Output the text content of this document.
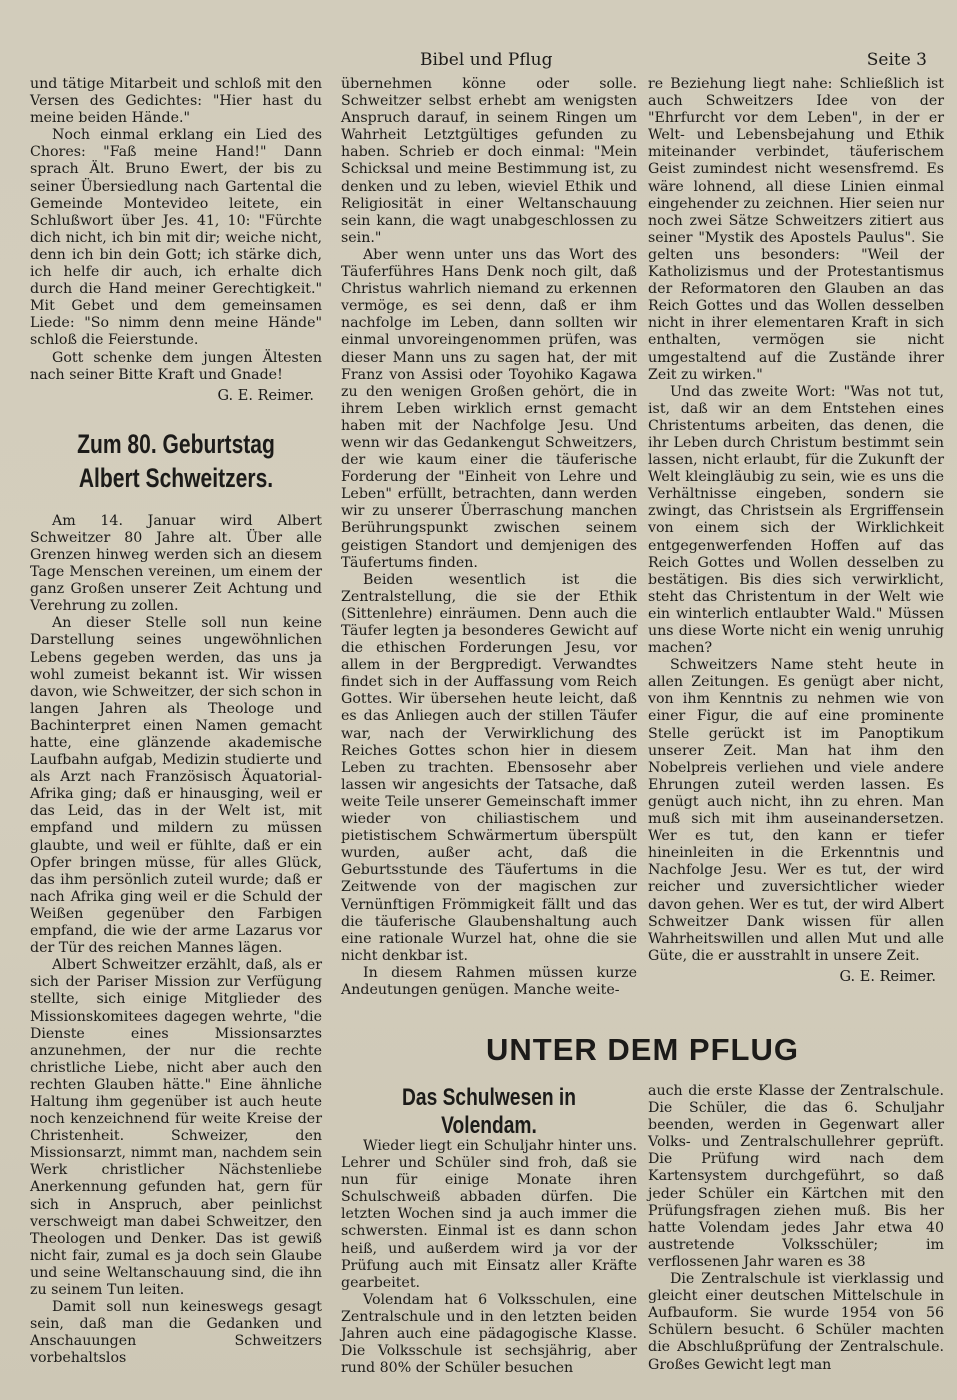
Bibel und Pflug	Seite 3

und tätige Mitarbeit und schloß mit den Versen des Gedichtes: "Hier hast du meine beiden Hände."

Noch einmal erklang ein Lied des Chores: "Faß meine Hand!" Dann sprach Ält. Bruno Ewert, der bis zu seiner Übersiedlung nach Gartental die Gemeinde Montevideo leitete, ein Schlußwort über Jes. 41, 10: "Fürchte dich nicht, ich bin mit dir; weiche nicht, denn ich bin dein Gott; ich stärke dich, ich helfe dir auch, ich erhalte dich durch die Hand meiner Gerechtigkeit." Mit Gebet und dem gemeinsamen Liede: "So nimm denn meine Hände" schloß die Feierstunde.

Gott schenke dem jungen Ältesten nach seiner Bitte Kraft und Gnade!

G. E. Reimer.
Zum 80. Geburtstag Albert Schweitzers.

Am 14. Januar wird Albert Schweitzer 80 Jahre alt. Über alle Grenzen hinweg werden sich an diesem Tage Menschen vereinen, um einem der ganz Großen unserer Zeit Achtung und Verehrung zu zollen.

An dieser Stelle soll nun keine Darstellung seines ungewöhnlichen Lebens gegeben werden, das uns ja wohl zumeist bekannt ist. Wir wissen davon, wie Schweitzer, der sich schon in langen Jahren als Theologe und Bachinterpret einen Namen gemacht hatte, eine glänzende akademische Laufbahn aufgab, Medizin studierte und als Arzt nach Französisch Äquatorial-Afrika ging; daß er hinausging, weil er das Leid, das in der Welt ist, mit empfand und mildern zu müssen glaubte, und weil er fühlte, daß er ein Opfer bringen müsse, für alles Glück, das ihm persönlich zuteil wurde; daß er nach Afrika ging weil er die Schuld der Weißen gegenüber den Farbigen empfand, die wie der arme Lazarus vor der Tür des reichen Mannes lägen.

Albert Schweitzer erzählt, daß, als er sich der Pariser Mission zur Verfügung stellte, sich einige Mitglieder des Missionskomitees dagegen wehrte, "die Dienste eines Missionsarztes anzunehmen, der nur die rechte christliche Liebe, nicht aber auch den rechten Glauben hätte." Eine ähnliche Haltung ihm gegenüber ist auch heute noch kenzeichnend für weite Kreise der Christenheit. Schweizer, den Missionsarzt, nimmt man, nachdem sein Werk christlicher Nächstenliebe Anerkennung gefunden hat, gern für sich in Anspruch, aber peinlichst verschweigt man dabei Schweitzer, den Theologen und Denker. Das ist gewiß nicht fair, zumal es ja doch sein Glaube und seine Weltanschauung sind, die ihn zu seinem Tun leiten.

Damit soll nun keineswegs gesagt sein, daß man die Gedanken und Anschauungen Schweitzers vorbehaltslos

übernehmen könne oder solle. Schweitzer selbst erhebt am wenigsten Anspruch darauf, in seinem Ringen um Wahrheit Letztgültiges gefunden zu haben. Schrieb er doch einmal: "Mein Schicksal und meine Bestimmung ist, zu denken und zu leben, wieviel Ethik und Religiosität in einer Weltanschauung sein kann, die wagt unabgeschlossen zu sein."

Aber wenn unter uns das Wort des Täuferführes Hans Denk noch gilt, daß Christus wahrlich niemand zu erkennen vermöge, es sei denn, daß er ihm nachfolge im Leben, dann sollten wir einmal unvoreingenommen prüfen, was dieser Mann uns zu sagen hat, der mit Franz von Assisi oder Toyohiko Kagawa zu den wenigen Großen gehört, die in ihrem Leben wirklich ernst gemacht haben mit der Nachfolge Jesu. Und wenn wir das Gedankengut Schweitzers, der wie kaum einer die täuferische Forderung der "Einheit von Lehre und Leben" erfüllt, betrachten, dann werden wir zu unserer Überraschung manchen Berührungspunkt zwischen seinem geistigen Standort und demjenigen des Täufertums finden.

Beiden wesentlich ist die Zentralstellung, die sie der Ethik (Sittenlehre) einräumen. Denn auch die Täufer legten ja besonderes Gewicht auf die ethischen Forderungen Jesu, vor allem in der Bergpredigt. Verwandtes findet sich in der Auffassung vom Reich Gottes. Wir übersehen heute leicht, daß es das Anliegen auch der stillen Täufer war, nach der Verwirklichung des Reiches Gottes schon hier in diesem Leben zu trachten. Ebensosehr aber lassen wir angesichts der Tatsache, daß weite Teile unserer Gemeinschaft immer wieder von chiliastischem und pietistischem Schwärmertum überspült wurden, außer acht, daß die Geburtsstunde des Täufertums in die Zeitwende von der magischen zur Vernünftigen Frömmigkeit fällt und das die täuferische Glaubenshaltung auch eine rationale Wurzel hat, ohne die sie nicht denkbar ist.

In diesem Rahmen müssen kurze Andeutungen genügen. Manche weite-

re Beziehung liegt nahe: Schließlich ist auch Schweitzers Idee von der "Ehrfurcht vor dem Leben", in der er Welt- und Lebensbejahung und Ethik miteinander verbindet, täuferischem Geist zumindest nicht wesensfremd. Es wäre lohnend, all diese Linien einmal eingehender zu zeichnen. Hier seien nur noch zwei Sätze Schweitzers zitiert aus seiner "Mystik des Apostels Paulus". Sie gelten uns besonders: "Weil der Katholizismus und der Protestantismus der Reformatoren den Glauben an das Reich Gottes und das Wollen desselben nicht in ihrer elementaren Kraft in sich enthalten, vermögen sie nicht umgestaltend auf die Zustände ihrer Zeit zu wirken."

Und das zweite Wort: "Was not tut, ist, daß wir an dem Entstehen eines Christentums arbeiten, das denen, die ihr Leben durch Christum bestimmt sein lassen, nicht erlaubt, für die Zukunft der Welt kleingläubig zu sein, wie es uns die Verhältnisse eingeben, sondern sie zwingt, das Christsein als Ergriffensein von einem sich der Wirklichkeit entgegenwerfenden Hoffen auf das Reich Gottes und Wollen desselben zu bestätigen. Bis dies sich verwirklicht, steht das Christentum in der Welt wie ein winterlich entlaubter Wald." Müssen uns diese Worte nicht ein wenig unruhig machen?

Schweitzers Name steht heute in allen Zeitungen. Es genügt aber nicht, von ihm Kenntnis zu nehmen wie von einer Figur, die auf eine prominente Stelle gerückt ist im Panoptikum unserer Zeit. Man hat ihm den Nobelpreis verliehen und viele andere Ehrungen zuteil werden lassen. Es genügt auch nicht, ihn zu ehren. Man muß sich mit ihm auseinandersetzen. Wer es tut, den kann er tiefer hineinleiten in die Erkenntnis und Nachfolge Jesu. Wer es tut, der wird reicher und zuversichtlicher wieder davon gehen. Wer es tut, der wird Albert Schweitzer Dank wissen für allen Wahrheitswillen und allen Mut und alle Güte, die er ausstrahlt in unsere Zeit.

G. E. Reimer.
UNTER DEM PFLUG
Das Schulwesen in Volendam.

Wieder liegt ein Schuljahr hinter uns. Lehrer und Schüler sind froh, daß sie nun für einige Monate ihren Schulschweiß abbaden dürfen. Die letzten Wochen sind ja auch immer die schwersten. Einmal ist es dann schon heiß, und außerdem wird ja vor der Prüfung auch mit Einsatz aller Kräfte gearbeitet.

Volendam hat 6 Volksschulen, eine Zentralschule und in den letzten beiden Jahren auch eine pädagogische Klasse. Die Volksschule ist sechsjährig, aber rund 80% der Schüler besuchen

auch die erste Klasse der Zentralschule. Die Schüler, die das 6. Schuljahr beenden, werden in Gegenwart aller Volks- und Zentralschullehrer geprüft. Die Prüfung wird nach dem Kartensystem durchgeführt, so daß jeder Schüler ein Kärtchen mit den Prüfungsfragen ziehen muß. Bis her hatte Volendam jedes Jahr etwa 40 austretende Volksschüler; im verflossenen Jahr waren es 38

Die Zentralschule ist vierklassig und gleicht einer deutschen Mittelschule in Aufbauform. Sie wurde 1954 von 56 Schülern besucht. 6 Schüler machten die Abschlußprüfung der Zentralschule. Großes Gewicht legt man
